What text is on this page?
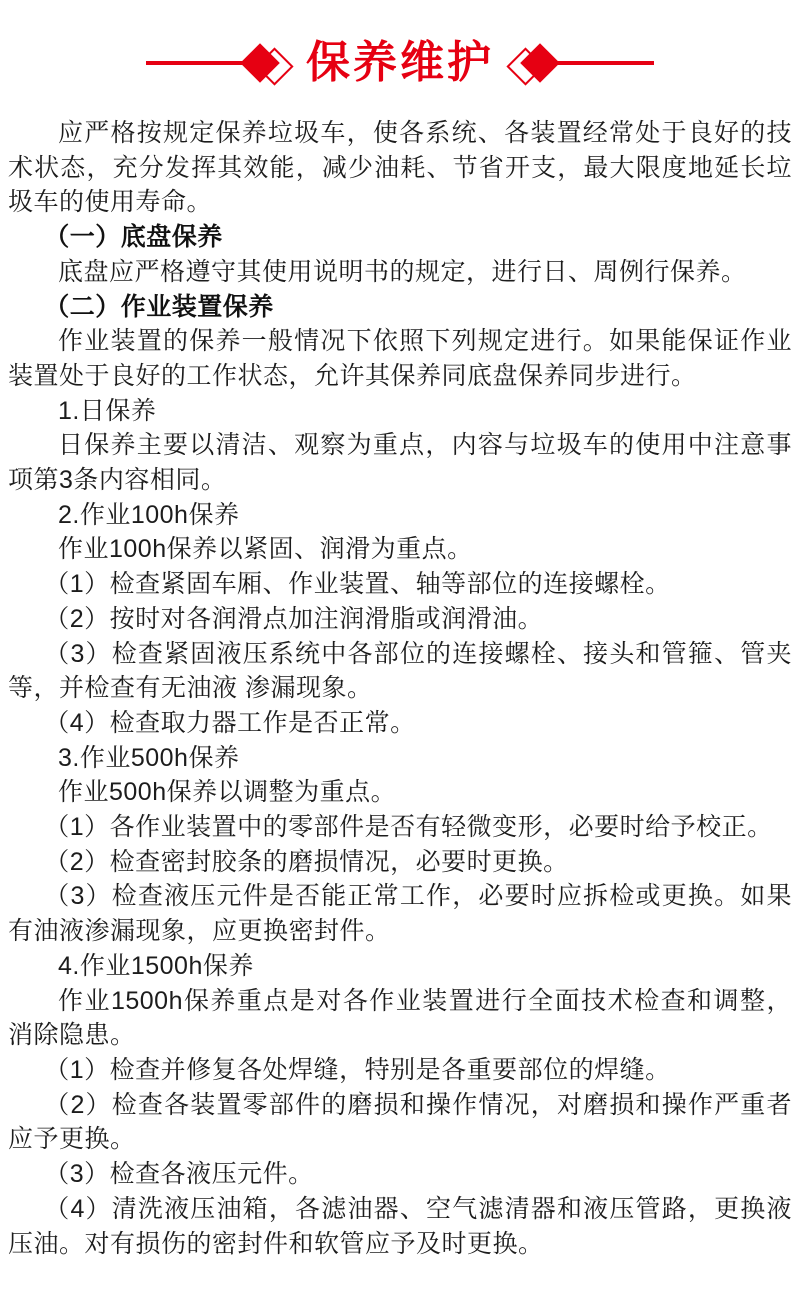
保养维护

应严格按规定保养垃圾车，使各系统、各装置经常处于良好的技术状态，充分发挥其效能，减少油耗、节省开支，最大限度地延长垃圾车的使用寿命。

（一）底盘保养

底盘应严格遵守其使用说明书的规定，进行日、周例行保养。

（二）作业装置保养

作业装置的保养一般情况下依照下列规定进行。如果能保证作业装置处于良好的工作状态，允许其保养同底盘保养同步进行。

1.日保养

日保养主要以清洁、观察为重点，内容与垃圾车的使用中注意事项第3条内容相同。

2.作业100h保养

作业100h保养以紧固、润滑为重点。

（1）检查紧固车厢、作业装置、轴等部位的连接螺栓。

（2）按时对各润滑点加注润滑脂或润滑油。

（3）检查紧固液压系统中各部位的连接螺栓、接头和管箍、管夹等，并检查有无油液 渗漏现象。

（4）检查取力器工作是否正常。

3.作业500h保养

作业500h保养以调整为重点。

（1）各作业装置中的零部件是否有轻微变形，必要时给予校正。

（2）检查密封胶条的磨损情况，必要时更换。

（3）检查液压元件是否能正常工作，必要时应拆检或更换。如果有油液渗漏现象，应更换密封件。

4.作业1500h保养

作业1500h保养重点是对各作业装置进行全面技术检查和调整，消除隐患。

（1）检查并修复各处焊缝，特别是各重要部位的焊缝。

（2）检查各装置零部件的磨损和操作情况，对磨损和操作严重者应予更换。

（3）检查各液压元件。

（4）清洗液压油箱，各滤油器、空气滤清器和液压管路，更换液压油。对有损伤的密封件和软管应予及时更换。
